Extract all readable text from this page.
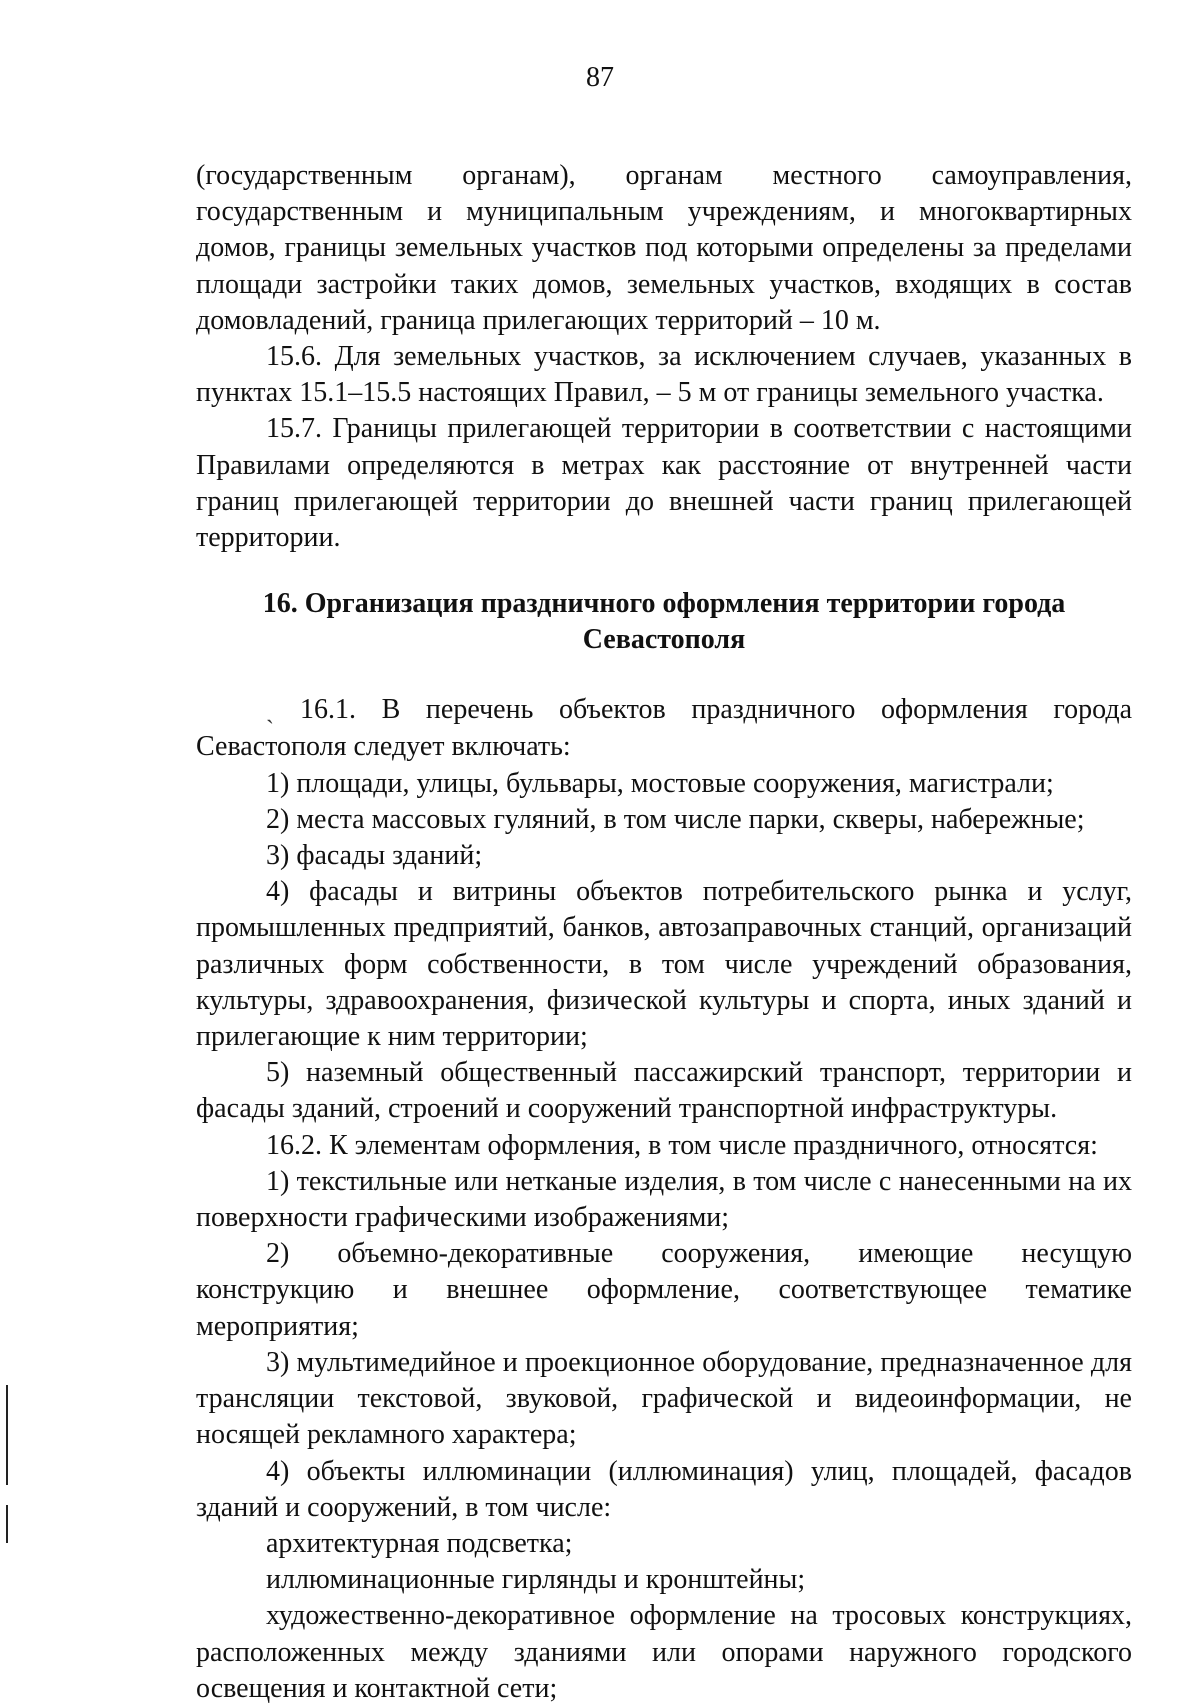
87

(государственным органам), органам местного самоуправления, государственным и муниципальным учреждениям, и многоквартирных домов, границы земельных участков под которыми определены за пределами площади застройки таких домов, земельных участков, входящих в состав домовладений, граница прилегающих территорий – 10 м.

15.6. Для земельных участков, за исключением случаев, указанных в пунктах 15.1–15.5 настоящих Правил, – 5 м от границы земельного участка.

15.7. Границы прилегающей территории в соответствии с настоящими Правилами определяются в метрах как расстояние от внутренней части границ прилегающей территории до внешней части границ прилегающей территории.

16. Организация праздничного оформления территории города Севастополя

ˏ 16.1. В перечень объектов праздничного оформления города Севастополя следует включать:

1) площади, улицы, бульвары, мостовые сооружения, магистрали;

2) места массовых гуляний, в том числе парки, скверы, набережные;

3) фасады зданий;

4) фасады и витрины объектов потребительского рынка и услуг, промышленных предприятий, банков, автозаправочных станций, организаций различных форм собственности, в том числе учреждений образования, культуры, здравоохранения, физической культуры и спорта, иных зданий и прилегающие к ним территории;

5) наземный общественный пассажирский транспорт, территории и фасады зданий, строений и сооружений транспортной инфраструктуры.

16.2. К элементам оформления, в том числе праздничного, относятся:

1) текстильные или нетканые изделия, в том числе с нанесенными на их поверхности графическими изображениями;

2) объемно-декоративные сооружения, имеющие несущую конструкцию и внешнее оформление, соответствующее тематике мероприятия;

3) мультимедийное и проекционное оборудование, предназначенное для трансляции текстовой, звуковой, графической и видеоинформации, не носящей рекламного характера;

4) объекты иллюминации (иллюминация) улиц, площадей, фасадов зданий и сооружений, в том числе:

архитектурная подсветка;

иллюминационные гирлянды и кронштейны;

художественно-декоративное оформление на тросовых конструкциях, расположенных между зданиями или опорами наружного городского освещения и контактной сети;
